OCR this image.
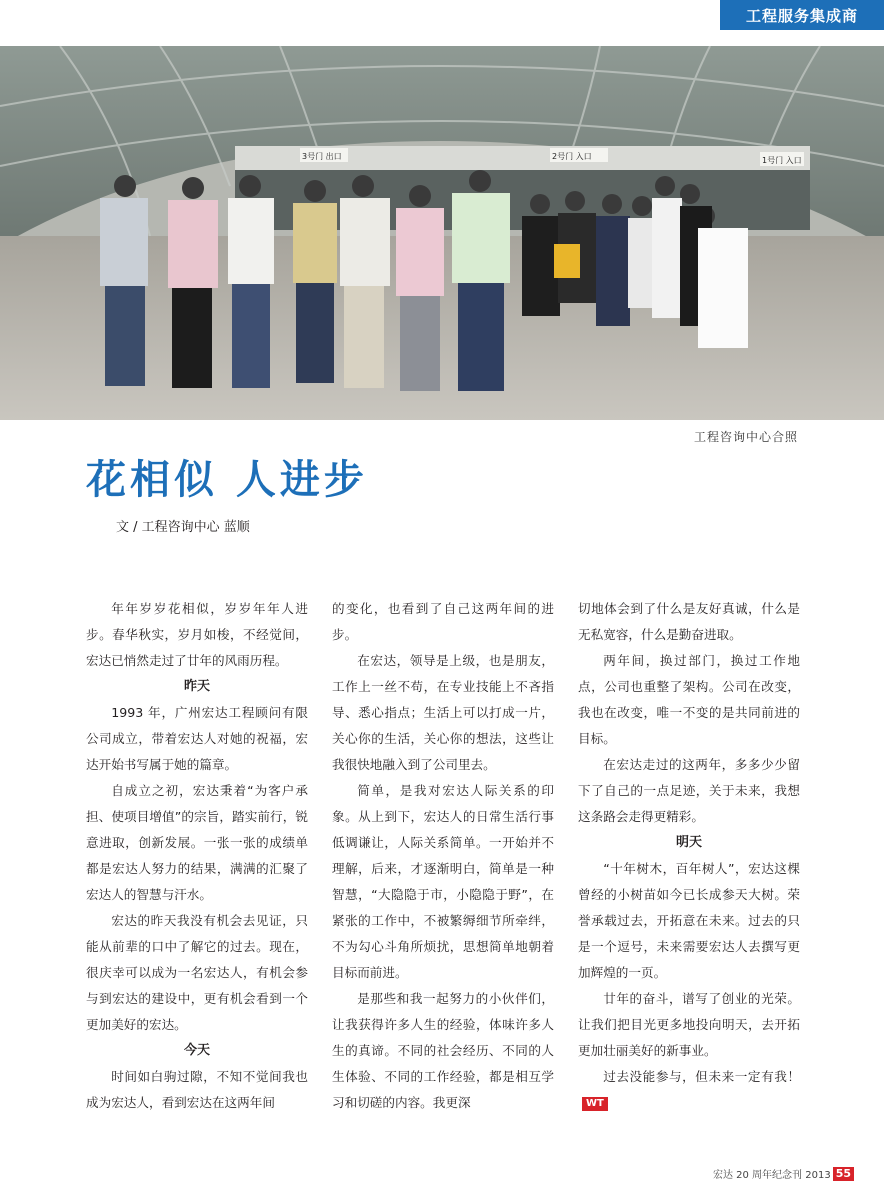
工程服务集成商
3号门 出口	2号门 入口	1号门 入口
工程咨询中心合照
花相似 人进步
文 / 工程咨询中心 蓝顺

年年岁岁花相似，岁岁年年人进步。春华秋实，岁月如梭，不经觉间，宏达已悄然走过了廿年的风雨历程。

昨天

1993 年，广州宏达工程顾问有限公司成立，带着宏达人对她的祝福，宏达开始书写属于她的篇章。

自成立之初，宏达秉着“为客户承担、使项目增值”的宗旨，踏实前行，锐意进取，创新发展。一张一张的成绩单都是宏达人努力的结果，满满的汇聚了宏达人的智慧与汗水。

宏达的昨天我没有机会去见证，只能从前辈的口中了解它的过去。现在，很庆幸可以成为一名宏达人，有机会参与到宏达的建设中，更有机会看到一个更加美好的宏达。

今天

时间如白驹过隙，不知不觉间我也成为宏达人，看到宏达在这两年间

的变化，也看到了自己这两年间的进步。

在宏达，领导是上级，也是朋友，工作上一丝不苟，在专业技能上不吝指导、悉心指点；生活上可以打成一片，关心你的生活，关心你的想法，这些让我很快地融入到了公司里去。

简单，是我对宏达人际关系的印象。从上到下，宏达人的日常生活行事低调谦让，人际关系简单。一开始并不理解，后来，才逐渐明白，简单是一种智慧，“大隐隐于市，小隐隐于野”，在紧张的工作中，不被繁缛细节所牵绊，不为勾心斗角所烦扰，思想简单地朝着目标而前进。

是那些和我一起努力的小伙伴们，让我获得许多人生的经验，体味许多人生的真谛。不同的社会经历、不同的人生体验、不同的工作经验，都是相互学习和切磋的内容。我更深

切地体会到了什么是友好真诚，什么是无私宽容，什么是勤奋进取。

两年间，换过部门，换过工作地点，公司也重整了架构。公司在改变，我也在改变，唯一不变的是共同前进的目标。

在宏达走过的这两年，多多少少留下了自己的一点足迹，关于未来，我想这条路会走得更精彩。

明天

“十年树木，百年树人”，宏达这棵曾经的小树苗如今已长成参天大树。荣誉承载过去，开拓意在未来。过去的只是一个逗号，未来需要宏达人去撰写更加辉煌的一页。

廿年的奋斗，谱写了创业的光荣。让我们把目光更多地投向明天，去开拓更加壮丽美好的新事业。

过去没能参与，但未来一定有我！WT

宏达 20 周年纪念刊 2013 55
